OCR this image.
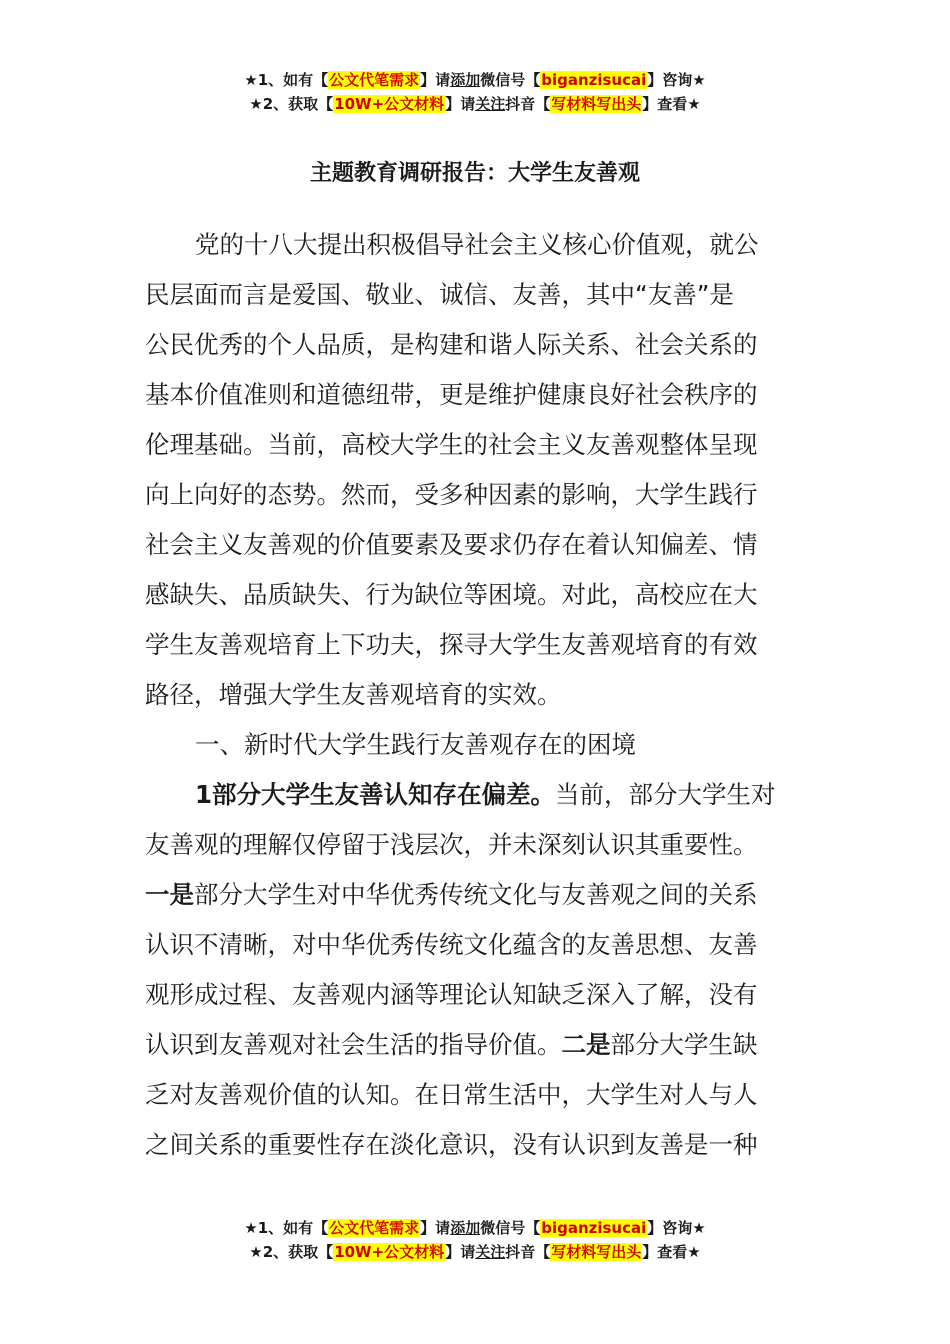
★1、如有【公文代笔需求】请添加微信号【biganzisucai】咨询★
★2、获取【10W+公文材料】请关注抖音【写材料写出头】查看★
主题教育调研报告：大学生友善观
党的十八大提出积极倡导社会主义核心价值观，就公
民层面而言是爱国、敬业、诚信、友善，其中“友善”是
公民优秀的个人品质，是构建和谐人际关系、社会关系的
基本价值准则和道德纽带，更是维护健康良好社会秩序的
伦理基础。当前，高校大学生的社会主义友善观整体呈现
向上向好的态势。然而，受多种因素的影响，大学生践行
社会主义友善观的价值要素及要求仍存在着认知偏差、情
感缺失、品质缺失、行为缺位等困境。对此，高校应在大
学生友善观培育上下功夫，探寻大学生友善观培育的有效
路径，增强大学生友善观培育的实效。
一、新时代大学生践行友善观存在的困境
1部分大学生友善认知存在偏差。当前，部分大学生对
友善观的理解仅停留于浅层次，并未深刻认识其重要性。
一是部分大学生对中华优秀传统文化与友善观之间的关系
认识不清晰，对中华优秀传统文化蕴含的友善思想、友善
观形成过程、友善观内涵等理论认知缺乏深入了解，没有
认识到友善观对社会生活的指导价值。二是部分大学生缺
乏对友善观价值的认知。在日常生活中，大学生对人与人
之间关系的重要性存在淡化意识，没有认识到友善是一种
★1、如有【公文代笔需求】请添加微信号【biganzisucai】咨询★
★2、获取【10W+公文材料】请关注抖音【写材料写出头】查看★
